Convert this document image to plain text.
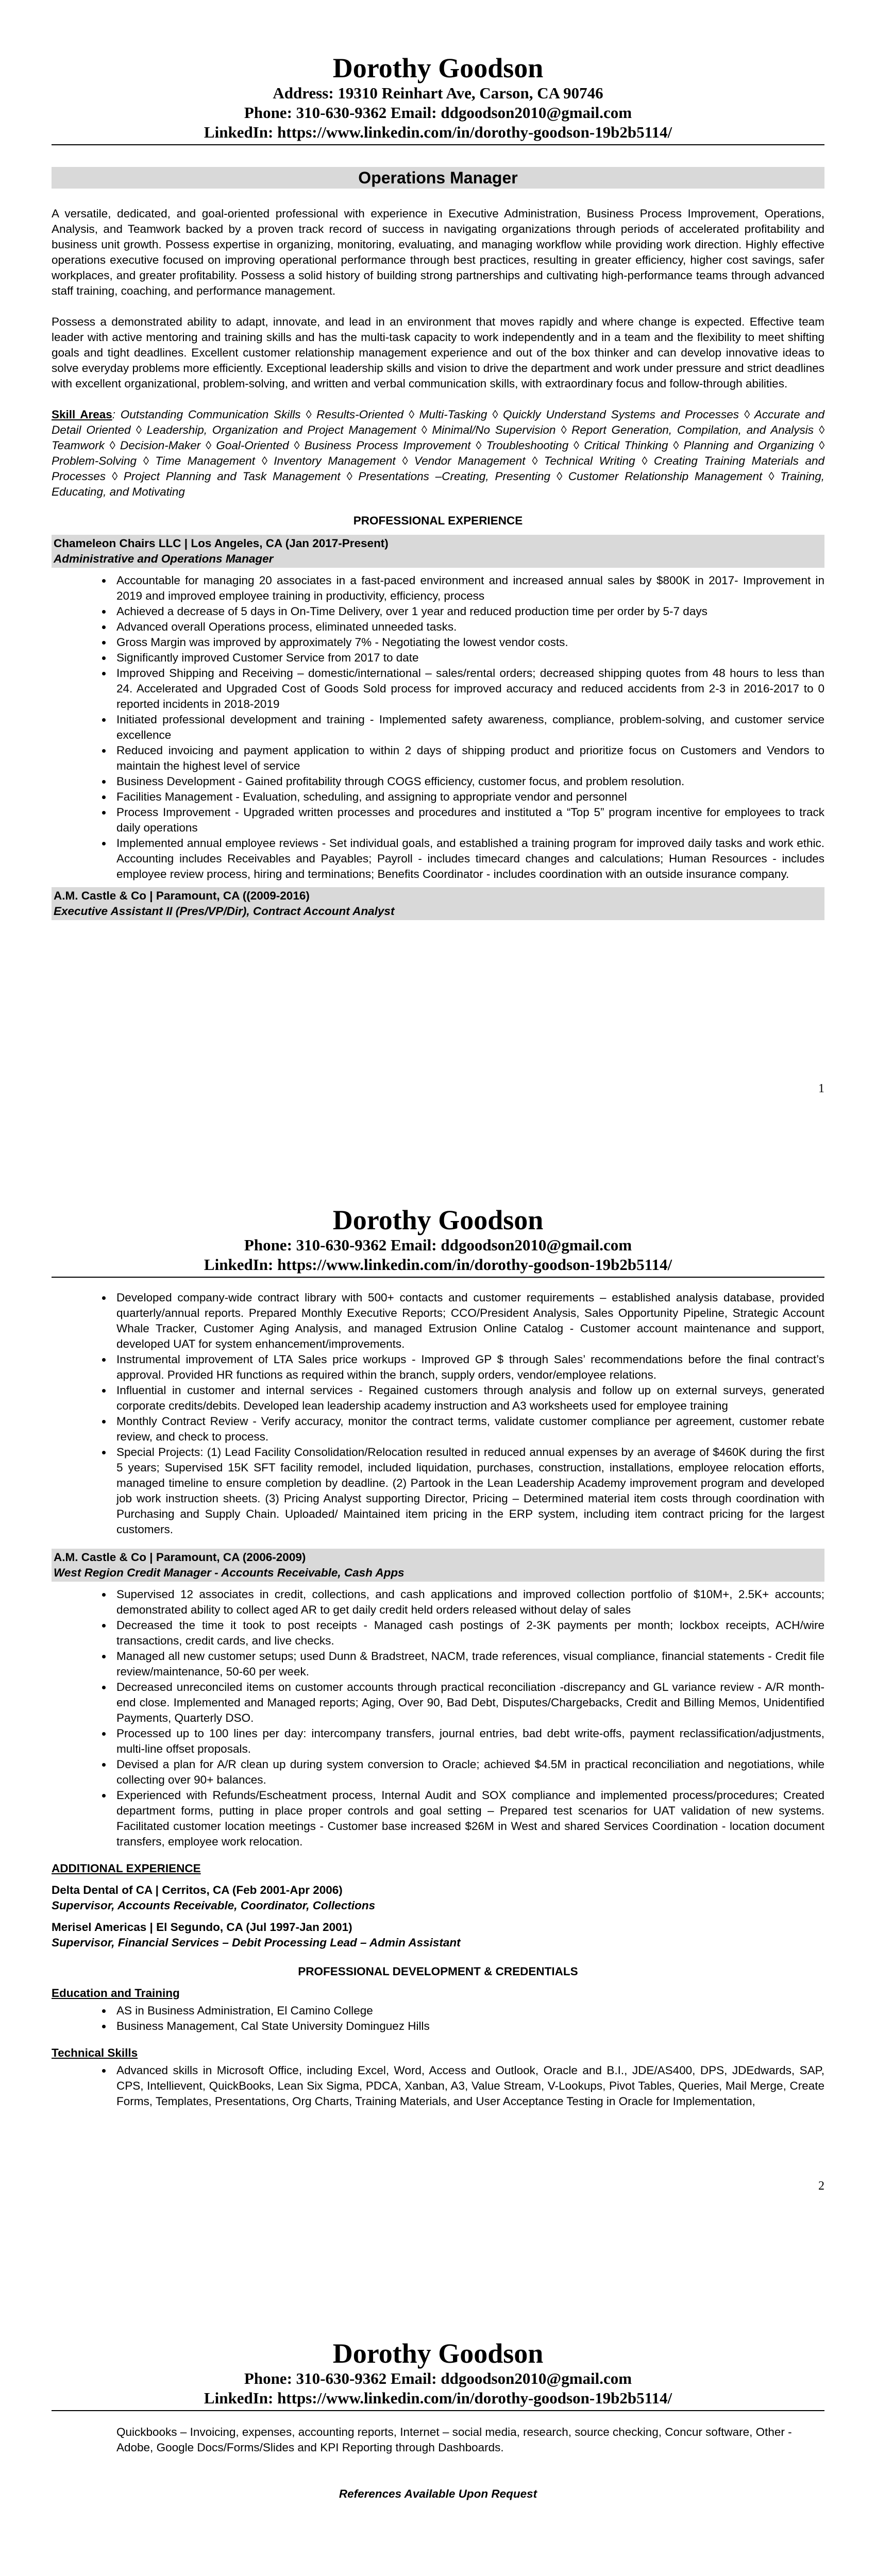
Dorothy Goodson
Address: 19310 Reinhart Ave, Carson, CA 90746
Phone: 310-630-9362 Email: ddgoodson2010@gmail.com
LinkedIn: https://www.linkedin.com/in/dorothy-goodson-19b2b5114/
Operations Manager

A versatile, dedicated, and goal-oriented professional with experience in Executive Administration, Business Process Improvement, Operations, Analysis, and Teamwork backed by a proven track record of success in navigating organizations through periods of accelerated profitability and business unit growth. Possess expertise in organizing, monitoring, evaluating, and managing workflow while providing work direction. Highly effective operations executive focused on improving operational performance through best practices, resulting in greater efficiency, higher cost savings, safer workplaces, and greater profitability. Possess a solid history of building strong partnerships and cultivating high-performance teams through advanced staff training, coaching, and performance management.

Possess a demonstrated ability to adapt, innovate, and lead in an environment that moves rapidly and where change is expected. Effective team leader with active mentoring and training skills and has the multi-task capacity to work independently and in a team and the flexibility to meet shifting goals and tight deadlines. Excellent customer relationship management experience and out of the box thinker and can develop innovative ideas to solve everyday problems more efficiently. Exceptional leadership skills and vision to drive the department and work under pressure and strict deadlines with excellent organizational, problem-solving, and written and verbal communication skills, with extraordinary focus and follow-through abilities.

Skill Areas: Outstanding Communication Skills ◊ Results-Oriented ◊ Multi-Tasking ◊ Quickly Understand Systems and Processes ◊ Accurate and Detail Oriented ◊ Leadership, Organization and Project Management ◊ Minimal/No Supervision ◊ Report Generation, Compilation, and Analysis ◊ Teamwork ◊ Decision-Maker ◊ Goal-Oriented ◊ Business Process Improvement ◊ Troubleshooting ◊ Critical Thinking ◊ Planning and Organizing ◊ Problem-Solving ◊ Time Management ◊ Inventory Management ◊ Vendor Management ◊ Technical Writing ◊ Creating Training Materials and Processes ◊ Project Planning and Task Management ◊ Presentations –Creating, Presenting ◊ Customer Relationship Management ◊ Training, Educating, and Motivating

PROFESSIONAL EXPERIENCE
Chameleon Chairs LLC | Los Angeles, CA (Jan 2017-Present)
Administrative and Operations Manager
• Accountable for managing 20 associates in a fast-paced environment and increased annual sales by $800K in 2017- Improvement in 2019 and improved employee training in productivity, efficiency, process
• Achieved a decrease of 5 days in On-Time Delivery, over 1 year and reduced production time per order by 5-7 days
• Advanced overall Operations process, eliminated unneeded tasks.
• Gross Margin was improved by approximately 7% - Negotiating the lowest vendor costs.
• Significantly improved Customer Service from 2017 to date
• Improved Shipping and Receiving – domestic/international – sales/rental orders; decreased shipping quotes from 48 hours to less than 24. Accelerated and Upgraded Cost of Goods Sold process for improved accuracy and reduced accidents from 2-3 in 2016-2017 to 0 reported incidents in 2018-2019
• Initiated professional development and training - Implemented safety awareness, compliance, problem-solving, and customer service excellence
• Reduced invoicing and payment application to within 2 days of shipping product and prioritize focus on Customers and Vendors to maintain the highest level of service
• Business Development - Gained profitability through COGS efficiency, customer focus, and problem resolution.
• Facilities Management - Evaluation, scheduling, and assigning to appropriate vendor and personnel
• Process Improvement - Upgraded written processes and procedures and instituted a “Top 5” program incentive for employees to track daily operations
• Implemented annual employee reviews - Set individual goals, and established a training program for improved daily tasks and work ethic. Accounting includes Receivables and Payables; Payroll - includes timecard changes and calculations; Human Resources - includes employee review process, hiring and terminations; Benefits Coordinator - includes coordination with an outside insurance company.
A.M. Castle & Co | Paramount, CA ((2009-2016)
Executive Assistant II (Pres/VP/Dir), Contract Account Analyst
1
Dorothy Goodson
Phone: 310-630-9362 Email: ddgoodson2010@gmail.com
LinkedIn: https://www.linkedin.com/in/dorothy-goodson-19b2b5114/
• Developed company-wide contract library with 500+ contacts and customer requirements – established analysis database, provided quarterly/annual reports. Prepared Monthly Executive Reports; CCO/President Analysis, Sales Opportunity Pipeline, Strategic Account Whale Tracker, Customer Aging Analysis, and managed Extrusion Online Catalog - Customer account maintenance and support, developed UAT for system enhancement/improvements.
• Instrumental improvement of LTA Sales price workups - Improved GP $ through Sales’ recommendations before the final contract’s approval. Provided HR functions as required within the branch, supply orders, vendor/employee relations.
• Influential in customer and internal services - Regained customers through analysis and follow up on external surveys, generated corporate credits/debits. Developed lean leadership academy instruction and A3 worksheets used for employee training
• Monthly Contract Review - Verify accuracy, monitor the contract terms, validate customer compliance per agreement, customer rebate review, and check to process.
• Special Projects: (1) Lead Facility Consolidation/Relocation resulted in reduced annual expenses by an average of $460K during the first 5 years; Supervised 15K SFT facility remodel, included liquidation, purchases, construction, installations, employee relocation efforts, managed timeline to ensure completion by deadline. (2) Partook in the Lean Leadership Academy improvement program and developed job work instruction sheets. (3) Pricing Analyst supporting Director, Pricing – Determined material item costs through coordination with Purchasing and Supply Chain. Uploaded/ Maintained item pricing in the ERP system, including item contract pricing for the largest customers.
A.M. Castle & Co | Paramount, CA (2006-2009)
West Region Credit Manager - Accounts Receivable, Cash Apps
• Supervised 12 associates in credit, collections, and cash applications and improved collection portfolio of $10M+, 2.5K+ accounts; demonstrated ability to collect aged AR to get daily credit held orders released without delay of sales
• Decreased the time it took to post receipts - Managed cash postings of 2-3K payments per month; lockbox receipts, ACH/wire transactions, credit cards, and live checks.
• Managed all new customer setups; used Dunn & Bradstreet, NACM, trade references, visual compliance, financial statements - Credit file review/maintenance, 50-60 per week.
• Decreased unreconciled items on customer accounts through practical reconciliation -discrepancy and GL variance review - A/R month-end close. Implemented and Managed reports; Aging, Over 90, Bad Debt, Disputes/Chargebacks, Credit and Billing Memos, Unidentified Payments, Quarterly DSO.
• Processed up to 100 lines per day: intercompany transfers, journal entries, bad debt write-offs, payment reclassification/adjustments, multi-line offset proposals.
• Devised a plan for A/R clean up during system conversion to Oracle; achieved $4.5M in practical reconciliation and negotiations, while collecting over 90+ balances.
• Experienced with Refunds/Escheatment process, Internal Audit and SOX compliance and implemented process/procedures; Created department forms, putting in place proper controls and goal setting – Prepared test scenarios for UAT validation of new systems. Facilitated customer location meetings - Customer base increased $26M in West and shared Services Coordination - location document transfers, employee work relocation.
ADDITIONAL EXPERIENCE
Delta Dental of CA | Cerritos, CA (Feb 2001-Apr 2006)
Supervisor, Accounts Receivable, Coordinator, Collections
Merisel Americas | El Segundo, CA (Jul 1997-Jan 2001)
Supervisor, Financial Services – Debit Processing Lead – Admin Assistant
PROFESSIONAL DEVELOPMENT & CREDENTIALS
Education and Training
• AS in Business Administration, El Camino College
• Business Management, Cal State University Dominguez Hills
Technical Skills
• Advanced skills in Microsoft Office, including Excel, Word, Access and Outlook, Oracle and B.I., JDE/AS400, DPS, JDEdwards, SAP, CPS, Intellievent, QuickBooks, Lean Six Sigma, PDCA, Xanban, A3, Value Stream, V-Lookups, Pivot Tables, Queries, Mail Merge, Create Forms, Templates, Presentations, Org Charts, Training Materials, and User Acceptance Testing in Oracle for Implementation,
2
Dorothy Goodson
Phone: 310-630-9362 Email: ddgoodson2010@gmail.com
LinkedIn: https://www.linkedin.com/in/dorothy-goodson-19b2b5114/
Quickbooks – Invoicing, expenses, accounting reports, Internet – social media, research, source checking, Concur software, Other - Adobe, Google Docs/Forms/Slides and KPI Reporting through Dashboards.
References Available Upon Request
